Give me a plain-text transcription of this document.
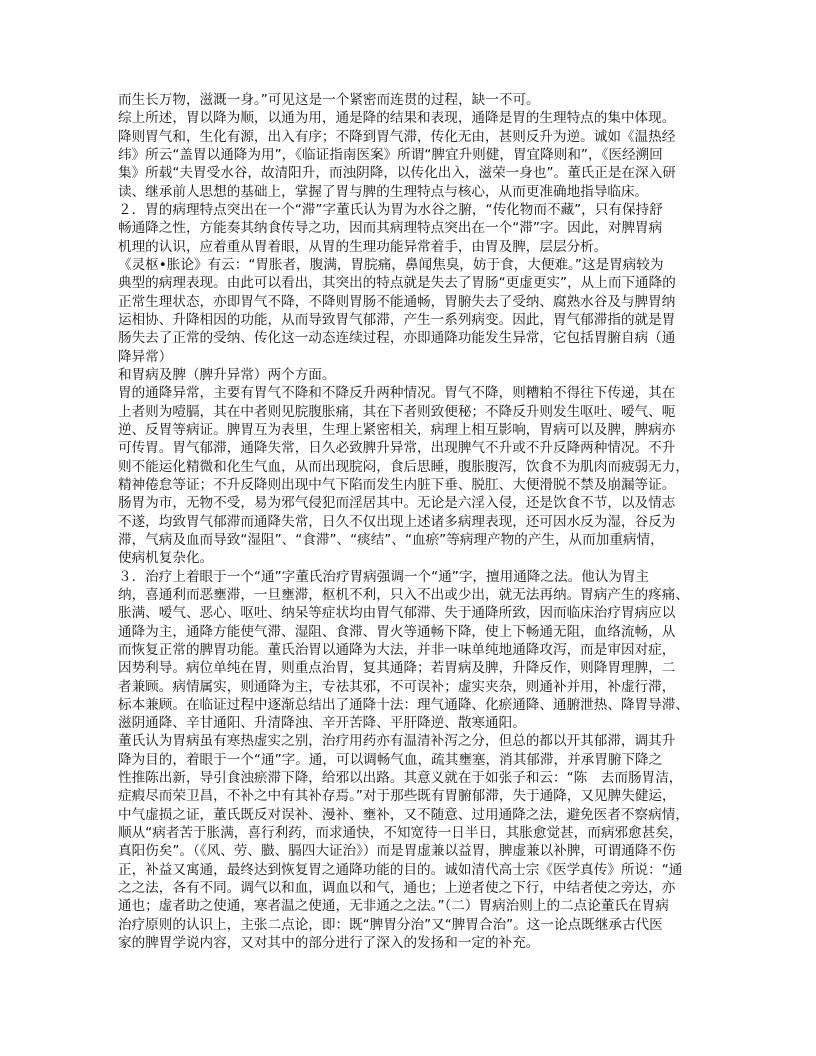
而生长万物，滋溉一身。”可见这是一个紧密而连贯的过程，缺一不可。
综上所述，胃以降为顺，以通为用，通是降的结果和表现，通降是胃的生理特点的集中体现。
降则胃气和，生化有源，出入有序；不降到胃气滞，传化无由，甚则反升为逆。诚如《温热经
纬》所云“盖胃以通降为用”，《临证指南医案》所谓“脾宜升则健，胃宜降则和”，《医经溯回
集》所载“夫胃受水谷，故清阳升，而浊阴降，以传化出入，滋荣一身也”。董氏正是在深入研
读、继承前人思想的基础上，掌握了胃与脾的生理特点与核心，从而更准确地指导临床。
２．胃的病理特点突出在一个“滞”字董氏认为胃为水谷之腑，“传化物而不藏”，只有保持舒
畅通降之性，方能奏其纳食传导之功，因而其病理特点突出在一个“滞”字。因此，对脾胃病
机理的认识，应着重从胃着眼，从胃的生理功能异常着手，由胃及脾，层层分析。
《灵枢•胀论》有云：“胃胀者，腹满，胃脘痛，鼻闻焦臭，妨于食，大便难。”这是胃病较为
典型的病理表现。由此可以看出，其突出的特点就是失去了胃肠“更虚更实”，从上而下通降的
正常生理状态，亦即胃气不降，不降则胃肠不能通畅，胃腑失去了受纳、腐熟水谷及与脾胃纳
运相协、升降相因的功能，从而导致胃气郁滞，产生一系列病变。因此，胃气郁滞指的就是胃
肠失去了正常的受纳、传化这一动态连续过程，亦即通降功能发生异常，它包括胃腑自病（通
降异常）
和胃病及脾（脾升异常）两个方面。
胃的通降异常，主要有胃气不降和不降反升两种情况。胃气不降，则糟粕不得往下传递，其在
上者则为噎膈，其在中者则见脘腹胀痛，其在下者则致便秘；不降反升则发生呕吐、嗳气、呃
逆、反胃等病证。脾胃互为表里，生理上紧密相关，病理上相互影响，胃病可以及脾，脾病亦
可传胃。胃气郁滞，通降失常，日久必致脾升异常，出现脾气不升或不升反降两种情况。不升
则不能运化精微和化生气血，从而出现脘闷，食后思睡，腹胀腹泻，饮食不为肌肉而疲弱无力，
精神倦怠等证；不升反降则出现中气下陷而发生内脏下垂、脱肛、大便滑脱不禁及崩漏等证。
肠胃为市，无物不受，易为邪气侵犯而淫居其中。无论是六淫入侵，还是饮食不节，以及情志
不遂，均致胃气郁滞而通降失常，日久不仅出现上述诸多病理表现，还可因水反为湿，谷反为
滞，气病及血而导致“湿阻”、“食滞”、“痰结”、“血瘀”等病理产物的产生，从而加重病情，
使病机复杂化。
３．治疗上着眼于一个“通”字董氏治疗胃病强调一个“通”字，擅用通降之法。他认为胃主
纳，喜通利而恶壅滞，一旦壅滞，枢机不利，只入不出或少出，就无法再纳。胃病产生的疼痛、
胀满、嗳气、恶心、呕吐、纳呆等症状均由胃气郁滞、失于通降所致，因而临床治疗胃病应以
通降为主，通降方能使气滞、湿阻、食滞、胃火等通畅下降，使上下畅通无阻，血络流畅，从
而恢复正常的脾胃功能。董氏治胃以通降为大法，并非一味单纯地通降攻泻，而是审因对症，
因势利导。病位单纯在胃，则重点治胃，复其通降；若胃病及脾，升降反作，则降胃理脾，二
者兼顾。病情属实，则通降为主，专祛其邪，不可误补；虚实夹杂，则通补并用，补虚行滞，
标本兼顾。在临证过程中逐渐总结出了通降十法：理气通降、化瘀通降、通腑泄热、降胃导滞、
滋阴通降、辛甘通阳、升清降浊、辛开苦降、平肝降逆、散寒通阳。
董氏认为胃病虽有寒热虚实之别，治疗用药亦有温清补泻之分，但总的都以开其郁滞，调其升
降为目的，着眼于一个“通”字。通，可以调畅气血，疏其壅塞，消其郁滞，并承胃腑下降之
性推陈出新，导引食浊瘀滞下降，给邪以出路。其意义就在于如张子和云：“陈　去而肠胃洁，
症瘕尽而荣卫昌，不补之中有其补存焉。”对于那些既有胃腑郁滞，失于通降，又见脾失健运，
中气虚损之证，董氏既反对误补、漫补、壅补，又不随意、过用通降之法，避免医者不察病情，
顺从“病者苦于胀满，喜行利药，而求通快，不知宽待一日半日，其胀愈觉甚，而病邪愈甚矣，
真阳伤矣”。（《风、劳、臌、膈四大证治》）而是胃虚兼以益胃，脾虚兼以补脾，可谓通降不伤
正，补益又寓通，最终达到恢复胃之通降功能的目的。诚如清代高士宗《医学真传》所说：“通
之之法，各有不同。调气以和血，调血以和气，通也；上逆者使之下行，中结者使之旁达，亦
通也；虚者助之使通，寒者温之使通，无非通之之法。”（二）胃病治则上的二点论董氏在胃病
治疗原则的认识上，主张二点论，即：既“脾胃分治”又“脾胃合治”。这一论点既继承古代医
家的脾胃学说内容，又对其中的部分进行了深入的发扬和一定的补充。
